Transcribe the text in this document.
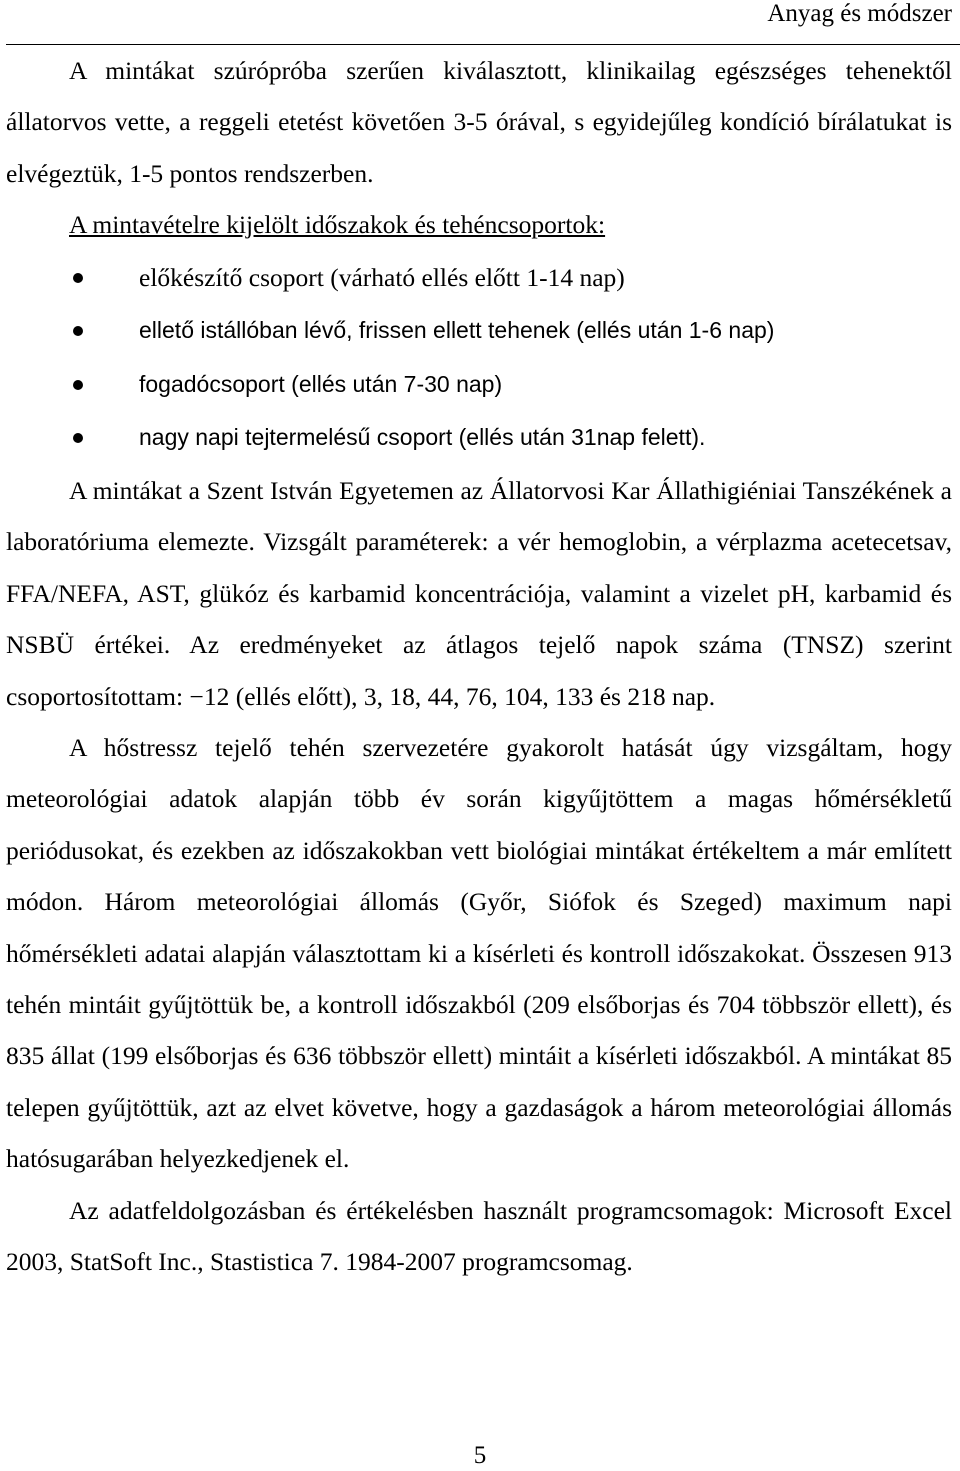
Anyag és módszer

A mintákat szúrópróba szerűen kiválasztott, klinikailag egészséges tehenektől állatorvos vette, a reggeli etetést követően 3-5 órával, s egyidejűleg kondíció bírálatukat is elvégeztük, 1-5 pontos rendszerben.

A mintavételre kijelölt időszakok és tehéncsoportok:

előkészítő csoport (várható ellés előtt 1-14 nap)
ellető istállóban lévő, frissen ellett tehenek (ellés után 1-6 nap)
fogadócsoport (ellés után 7-30 nap)
nagy napi tejtermelésű csoport (ellés után 31nap felett).

A mintákat a Szent István Egyetemen az Állatorvosi Kar Állathigiéniai Tanszékének a laboratóriuma elemezte. Vizsgált paraméterek: a vér hemoglobin, a vérplazma acetecetsav, FFA/NEFA, AST, glükóz és karbamid koncentrációja, valamint a vizelet pH, karbamid és NSBÜ értékei. Az eredményeket az átlagos tejelő napok száma (TNSZ) szerint csoportosítottam: −12 (ellés előtt), 3, 18, 44, 76, 104, 133 és 218 nap.

A hőstressz tejelő tehén szervezetére gyakorolt hatását úgy vizsgáltam, hogy meteorológiai adatok alapján több év során kigyűjtöttem a magas hőmérsékletű periódusokat, és ezekben az időszakokban vett biológiai mintákat értékeltem a már említett módon. Három meteorológiai állomás (Győr, Siófok és Szeged) maximum napi hőmérsékleti adatai alapján választottam ki a kísérleti és kontroll időszakokat. Összesen 913 tehén mintáit gyűjtöttük be, a kontroll időszakból (209 elsőborjas és 704 többször ellett), és 835 állat (199 elsőborjas és 636 többször ellett) mintáit a kísérleti időszakból. A mintákat 85 telepen gyűjtöttük, azt az elvet követve, hogy a gazdaságok a három meteorológiai állomás hatósugarában helyezkedjenek el.

Az adatfeldolgozásban és értékelésben használt programcsomagok: Microsoft Excel 2003, StatSoft Inc., Stastistica 7. 1984-2007 programcsomag.

5
